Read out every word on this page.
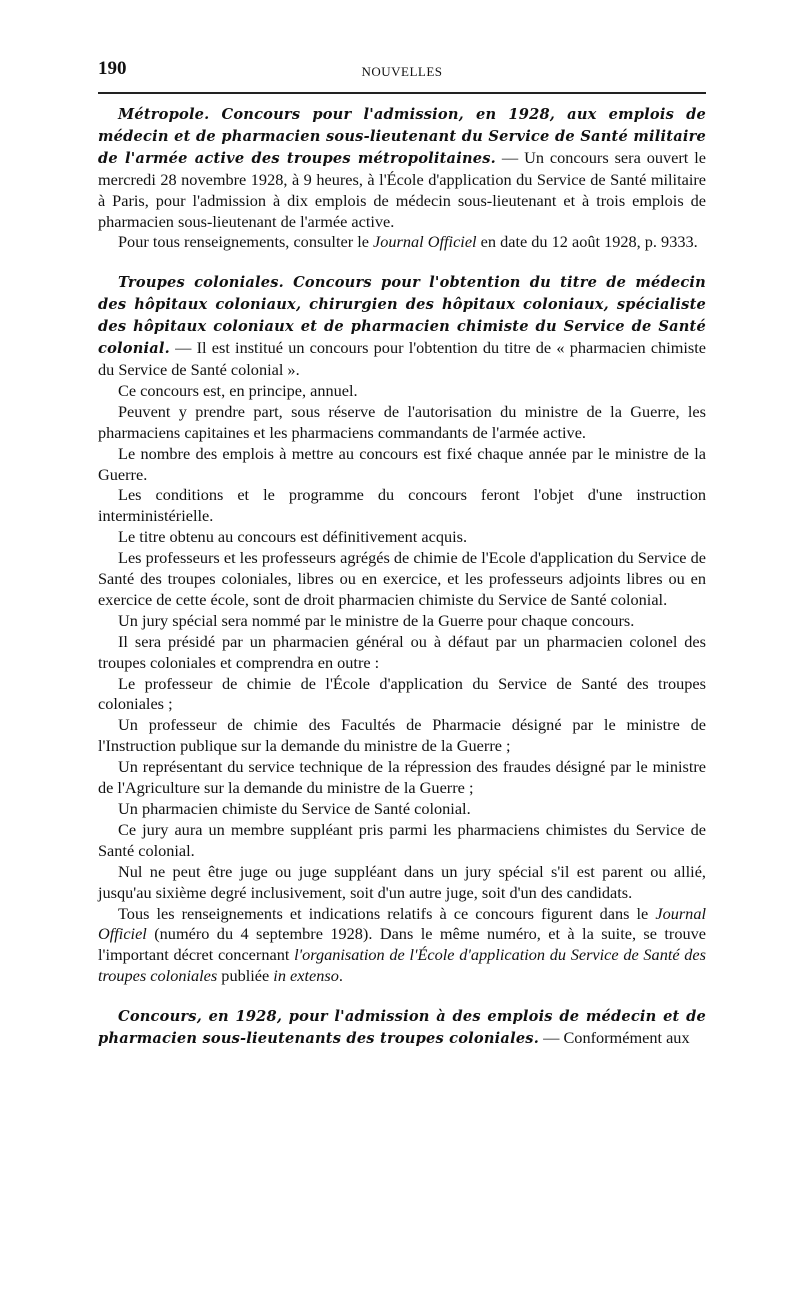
190	NOUVELLES

Métropole. Concours pour l'admission, en 1928, aux emplois de médecin et de pharmacien sous-lieutenant du Service de Santé militaire de l'armée active des troupes métropolitaines. — Un concours sera ouvert le mercredi 28 novembre 1928, à 9 heures, à l'École d'application du Service de Santé militaire à Paris, pour l'admission à dix emplois de médecin sous-lieutenant et à trois emplois de pharmacien sous-lieutenant de l'armée active.

Pour tous renseignements, consulter le Journal Officiel en date du 12 août 1928, p. 9333.

Troupes coloniales. Concours pour l'obtention du titre de médecin des hôpitaux coloniaux, chirurgien des hôpitaux coloniaux, spécialiste des hôpitaux coloniaux et de pharmacien chimiste du Service de Santé colonial. — Il est institué un concours pour l'obtention du titre de « pharmacien chimiste du Service de Santé colonial ».

Ce concours est, en principe, annuel.

Peuvent y prendre part, sous réserve de l'autorisation du ministre de la Guerre, les pharmaciens capitaines et les pharmaciens commandants de l'armée active.

Le nombre des emplois à mettre au concours est fixé chaque année par le ministre de la Guerre.

Les conditions et le programme du concours feront l'objet d'une instruction interministérielle.

Le titre obtenu au concours est définitivement acquis.

Les professeurs et les professeurs agrégés de chimie de l'Ecole d'application du Service de Santé des troupes coloniales, libres ou en exercice, et les professeurs adjoints libres ou en exercice de cette école, sont de droit pharmacien chimiste du Service de Santé colonial.

Un jury spécial sera nommé par le ministre de la Guerre pour chaque concours.

Il sera présidé par un pharmacien général ou à défaut par un pharmacien colonel des troupes coloniales et comprendra en outre :

Le professeur de chimie de l'École d'application du Service de Santé des troupes coloniales ;

Un professeur de chimie des Facultés de Pharmacie désigné par le ministre de l'Instruction publique sur la demande du ministre de la Guerre ;

Un représentant du service technique de la répression des fraudes désigné par le ministre de l'Agriculture sur la demande du ministre de la Guerre ;

Un pharmacien chimiste du Service de Santé colonial.

Ce jury aura un membre suppléant pris parmi les pharmaciens chimistes du Service de Santé colonial.

Nul ne peut être juge ou juge suppléant dans un jury spécial s'il est parent ou allié, jusqu'au sixième degré inclusivement, soit d'un autre juge, soit d'un des candidats.

Tous les renseignements et indications relatifs à ce concours figurent dans le Journal Officiel (numéro du 4 septembre 1928). Dans le même numéro, et à la suite, se trouve l'important décret concernant l'organisation de l'École d'application du Service de Santé des troupes coloniales publiée in extenso.

Concours, en 1928, pour l'admission à des emplois de médecin et de pharmacien sous-lieutenants des troupes coloniales. — Conformément aux
